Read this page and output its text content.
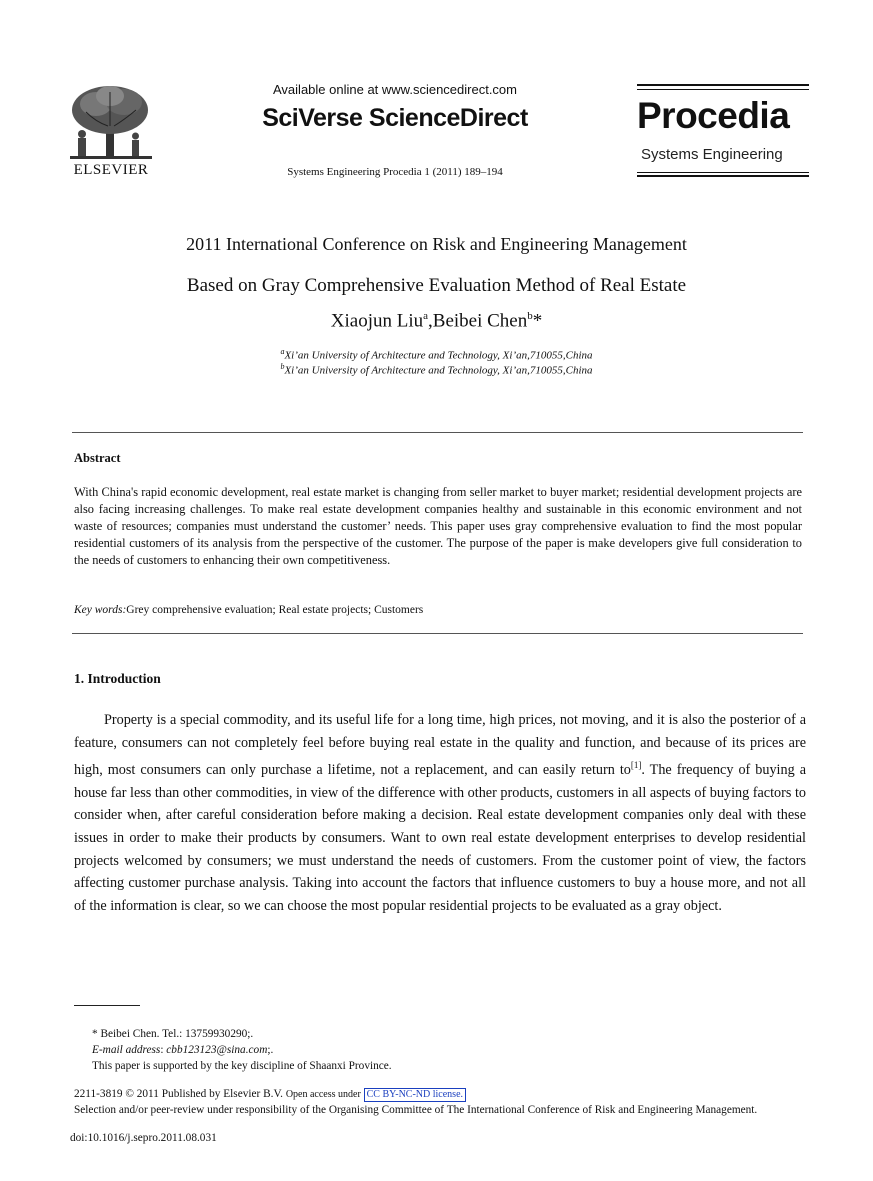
ELSEVIER
Available online at www.sciencedirect.com
SciVerse ScienceDirect
Systems Engineering Procedia 1 (2011) 189–194
Procedia
Systems Engineering
2011 International Conference on Risk and Engineering Management
Based on Gray Comprehensive Evaluation Method of Real Estate
Xiaojun Liu$^a$,Beibei Chen$^b$*
$^a$Xi’an University of Architecture and Technology, Xi’an,710055,China
$^b$Xi’an University of Architecture and Technology, Xi’an,710055,China
Abstract
With China's rapid economic development, real estate market is changing from seller market to buyer market; residential development projects are also facing increasing challenges. To make real estate development companies healthy and sustainable in this economic environment and not waste of resources; companies must understand the customer’ needs. This paper uses gray comprehensive evaluation to find the most popular residential customers of its analysis from the perspective of the customer. The purpose of the paper is make developers give full consideration to the needs of customers to enhancing their own competitiveness.
Key words:Grey comprehensive evaluation; Real estate projects; Customers
1. Introduction

Property is a special commodity, and its useful life for a long time, high prices, not moving, and it is also the posterior of a feature, consumers can not completely feel before buying real estate in the quality and function, and because of its prices are high, most consumers can only purchase a lifetime, not a replacement, and can easily return to[1]. The frequency of buying a house far less than other commodities, in view of the difference with other products, customers in all aspects of buying factors to consider when, after careful consideration before making a decision. Real estate development companies only deal with these issues in order to make their products by consumers. Want to own real estate development enterprises to develop residential projects welcomed by consumers; we must understand the needs of customers. From the customer point of view, the factors affecting customer purchase analysis. Taking into account the factors that influence customers to buy a house more, and not all of the information is clear, so we can choose the most popular residential projects to be evaluated as a gray object.

* Beibei Chen. Tel.: 13759930290;.
E-mail address: cbb123123@sina.com;.
This paper is supported by the key discipline of Shaanxi Province.
2211-3819 © 2011 Published by Elsevier B.V. Open access under CC BY-NC-ND license.
Selection and/or peer-review under responsibility of the Organising Committee of The International Conference of Risk and Engineering Management.
doi:10.1016/j.sepro.2011.08.031
